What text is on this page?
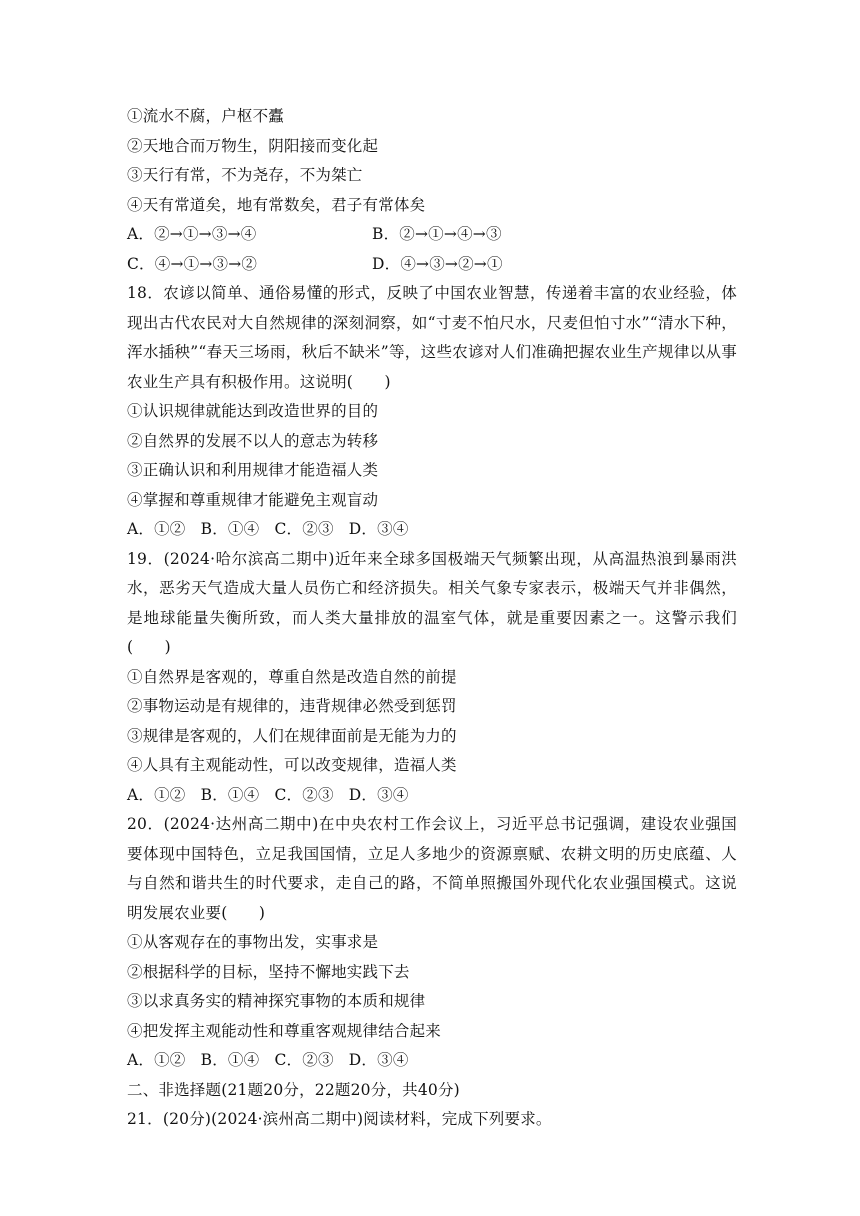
①流水不腐，户枢不蠹
②天地合而万物生，阴阳接而变化起
③天行有常，不为尧存，不为桀亡
④天有常道矣，地有常数矣，君子有常体矣
A．②→①→③→④	B．②→①→④→③
C．④→①→③→②	D．④→③→②→①
18．农谚以简单、通俗易懂的形式，反映了中国农业智慧，传递着丰富的农业经验，体现出古代农民对大自然规律的深刻洞察，如“寸麦不怕尺水，尺麦但怕寸水”“清水下种，浑水插秧”“春天三场雨，秋后不缺米”等，这些农谚对人们准确把握农业生产规律以从事农业生产具有积极作用。这说明(　　)
①认识规律就能达到改造世界的目的
②自然界的发展不以人的意志为转移
③正确认识和利用规律才能造福人类
④掌握和尊重规律才能避免主观盲动
A．①② B．①④ C．②③ D．③④
19．(2024·哈尔滨高二期中)近年来全球多国极端天气频繁出现，从高温热浪到暴雨洪水，恶劣天气造成大量人员伤亡和经济损失。相关气象专家表示，极端天气并非偶然，是地球能量失衡所致，而人类大量排放的温室气体，就是重要因素之一。这警示我们(　　)
①自然界是客观的，尊重自然是改造自然的前提
②事物运动是有规律的，违背规律必然受到惩罚
③规律是客观的，人们在规律面前是无能为力的
④人具有主观能动性，可以改变规律，造福人类
A．①② B．①④ C．②③ D．③④
20．(2024·达州高二期中)在中央农村工作会议上，习近平总书记强调，建设农业强国要体现中国特色，立足我国国情，立足人多地少的资源禀赋、农耕文明的历史底蕴、人与自然和谐共生的时代要求，走自己的路，不简单照搬国外现代化农业强国模式。这说明发展农业要(　　)
①从客观存在的事物出发，实事求是
②根据科学的目标，坚持不懈地实践下去
③以求真务实的精神探究事物的本质和规律
④把发挥主观能动性和尊重客观规律结合起来
A．①② B．①④ C．②③ D．③④
二、非选择题(21题20分，22题20分，共40分)
21．(20分)(2024·滨州高二期中)阅读材料，完成下列要求。
